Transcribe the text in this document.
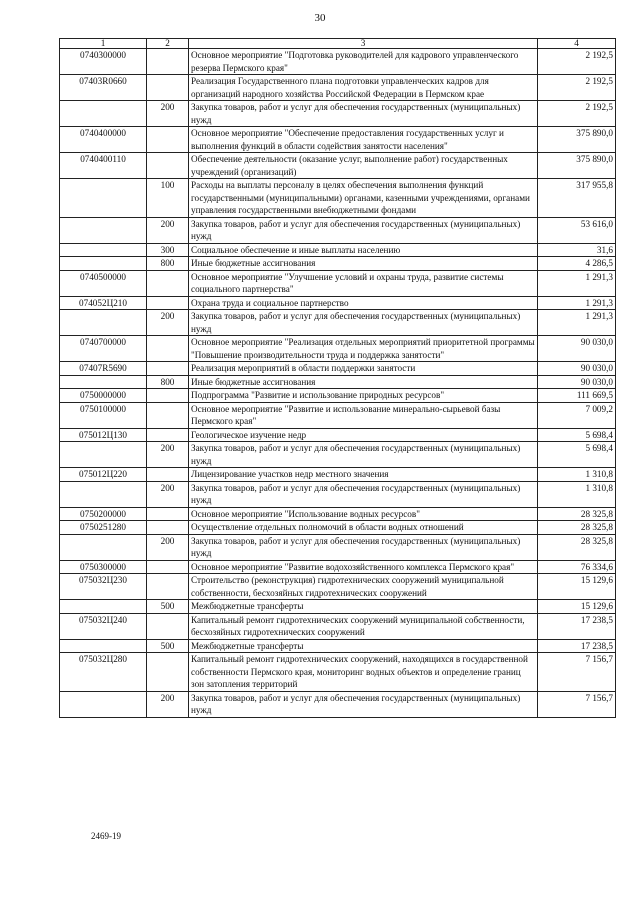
30
1	2	3	4
0740300000		Основное мероприятие "Подготовка руководителей для кадрового управленческого резерва Пермского края"	2 192,5
07403R0660		Реализация Государственного плана подготовки управленческих кадров для организаций народного хозяйства Российской Федерации в Пермском крае	2 192,5
	200	Закупка товаров, работ и услуг для обеспечения государственных (муниципальных) нужд	2 192,5
0740400000		Основное мероприятие "Обеспечение предоставления государственных услуг и выполнения функций в области содействия занятости населения"	375 890,0
0740400110		Обеспечение деятельности (оказание услуг, выполнение работ) государственных учреждений (организаций)	375 890,0
	100	Расходы на выплаты персоналу в целях обеспечения выполнения функций государственными (муниципальными) органами, казенными учреждениями, органами управления государственными внебюджетными фондами	317 955,8
	200	Закупка товаров, работ и услуг для обеспечения государственных (муниципальных) нужд	53 616,0
	300	Социальное обеспечение и иные выплаты населению	31,6
	800	Иные бюджетные ассигнования	4 286,5
0740500000		Основное мероприятие "Улучшение условий и охраны труда, развитие системы социального партнерства"	1 291,3
074052Ц210		Охрана труда и социальное партнерство	1 291,3
	200	Закупка товаров, работ и услуг для обеспечения государственных (муниципальных) нужд	1 291,3
0740700000		Основное мероприятие "Реализация отдельных мероприятий приоритетной программы "Повышение производительности труда и поддержка занятости"	90 030,0
07407R5690		Реализация мероприятий в области поддержки занятости	90 030,0
	800	Иные бюджетные ассигнования	90 030,0
0750000000		Подпрограмма "Развитие и использование природных ресурсов"	111 669,5
0750100000		Основное мероприятие "Развитие и использование минерально-сырьевой базы Пермского края"	7 009,2
075012Ц130		Геологическое изучение недр	5 698,4
	200	Закупка товаров, работ и услуг для обеспечения государственных (муниципальных) нужд	5 698,4
075012Ц220		Лицензирование участков недр местного значения	1 310,8
	200	Закупка товаров, работ и услуг для обеспечения государственных (муниципальных) нужд	1 310,8
0750200000		Основное мероприятие "Использование водных ресурсов"	28 325,8
0750251280		Осуществление отдельных полномочий в области водных отношений	28 325,8
	200	Закупка товаров, работ и услуг для обеспечения государственных (муниципальных) нужд	28 325,8
0750300000		Основное мероприятие "Развитие водохозяйственного комплекса Пермского края"	76 334,6
075032Ц230		Строительство (реконструкция) гидротехнических сооружений муниципальной собственности, бесхозяйных гидротехнических сооружений	15 129,6
	500	Межбюджетные трансферты	15 129,6
075032Ц240		Капитальный ремонт гидротехнических сооружений муниципальной собственности, бесхозяйных гидротехнических сооружений	17 238,5
	500	Межбюджетные трансферты	17 238,5
075032Ц280		Капитальный ремонт гидротехнических сооружений, находящихся в государственной собственности Пермского края, мониторинг водных объектов и определение границ зон затопления территорий	7 156,7
	200	Закупка товаров, работ и услуг для обеспечения государственных (муниципальных) нужд	7 156,7
2469-19
